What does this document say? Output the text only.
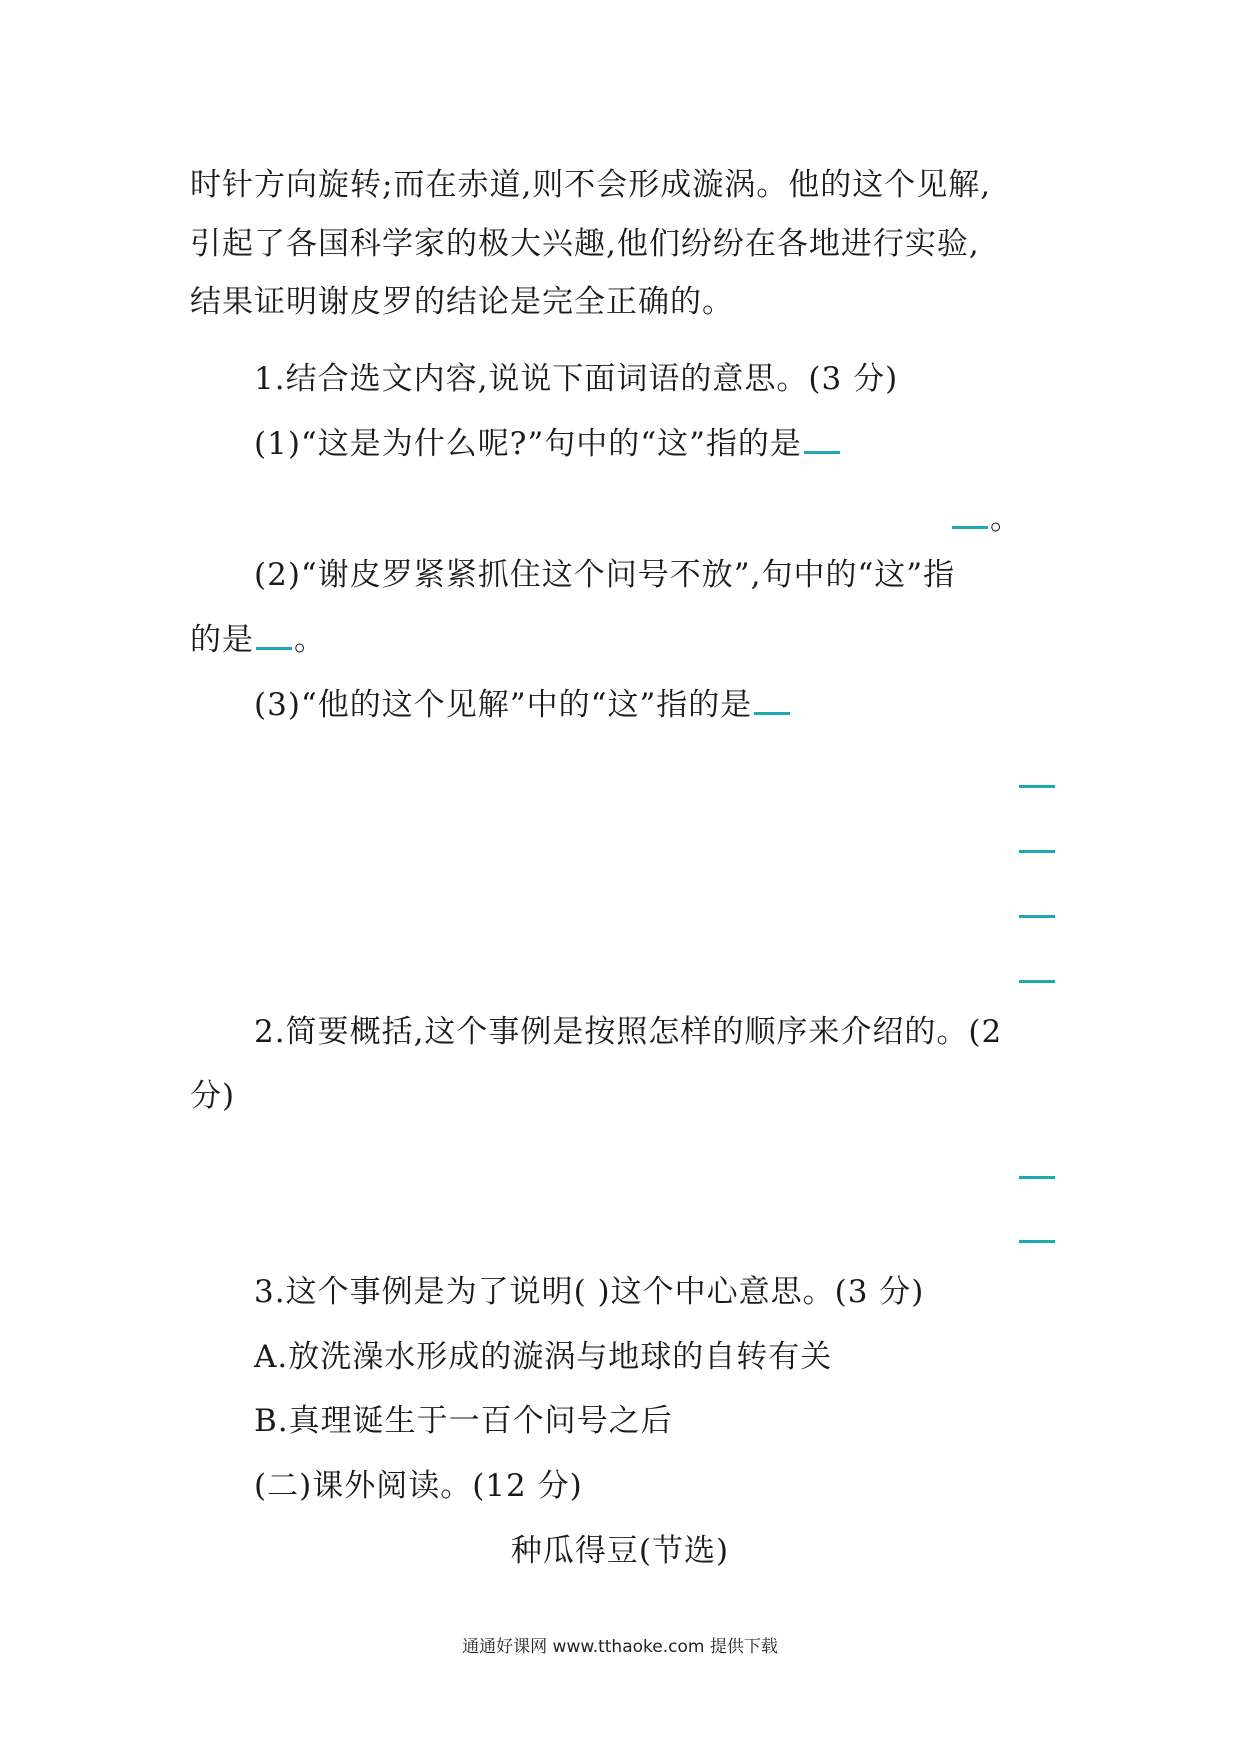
时针方向旋转;而在赤道,则不会形成漩涡。他的这个见解,
引起了各国科学家的极大兴趣,他们纷纷在各地进行实验,
结果证明谢皮罗的结论是完全正确的。
1.结合选文内容,说说下面词语的意思。(3 分)
(1)“这是为什么呢?”句中的“这”指的是
。
(2)“谢皮罗紧紧抓住这个问号不放”,句中的“这”指
的是 。
(3)“他的这个见解”中的“这”指的是
2.简要概括,这个事例是按照怎样的顺序来介绍的。(2
分)
3.这个事例是为了说明( )这个中心意思。(3 分)
A.放洗澡水形成的漩涡与地球的自转有关
B.真理诞生于一百个问号之后
(二)课外阅读。(12 分)
种瓜得豆(节选)
通通好课网 www.tthaoke.com 提供下载
